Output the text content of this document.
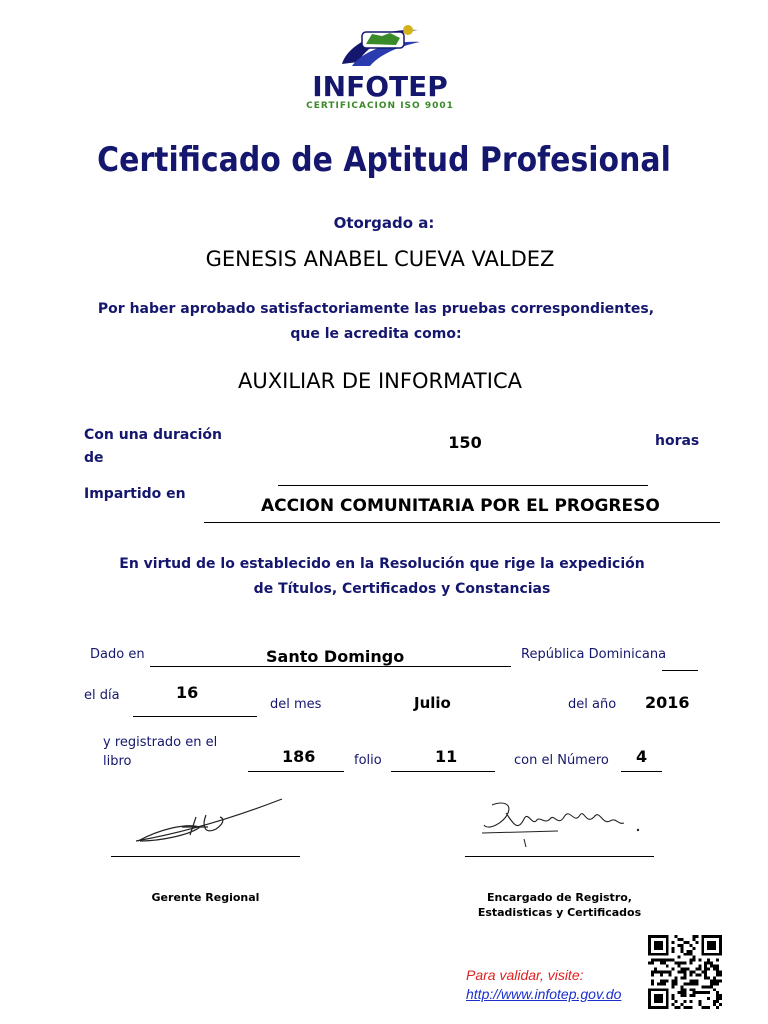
INFOTEP
CERTIFICACION ISO 9001
Certificado de Aptitud Profesional
Otorgado a:
GENESIS ANABEL CUEVA VALDEZ
Por haber aprobado satisfactoriamente las pruebas correspondientes,
que le acredita como:
AUXILIAR DE INFORMATICA
Con una duración
de
150	horas
Impartido en
ACCION COMUNITARIA POR EL PROGRESO
En virtud de lo establecido en la Resolución que rige la expedición
de Títulos, Certificados y Constancias
Dado en	Santo Domingo	República Dominicana
el día	16
del mes	Julio	del año 2016
y registrado en el
libro	186	folio	11	con el Número 4
Gerente Regional	Encargado de Registro,
Estadisticas y Certificados
Para validar, visite:
http://www.infotep.gov.do
